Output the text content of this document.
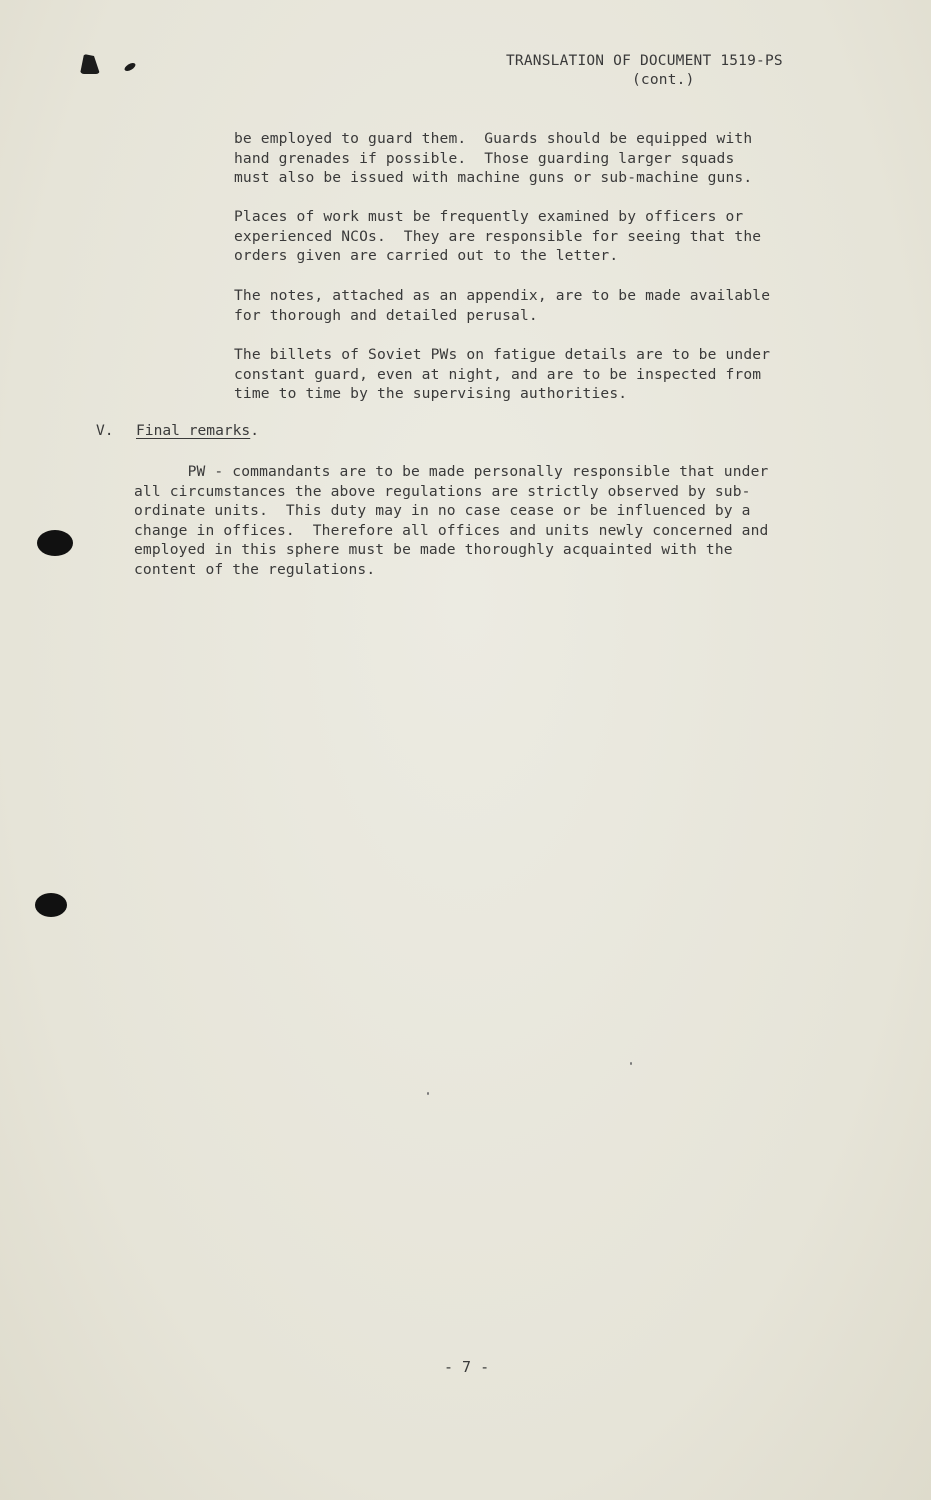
TRANSLATION OF DOCUMENT 1519-PS
(cont.)
be employed to guard them.  Guards should be equipped with
hand grenades if possible.  Those guarding larger squads
must also be issued with machine guns or sub-machine guns.
Places of work must be frequently examined by officers or
experienced NCOs.  They are responsible for seeing that the
orders given are carried out to the letter.
The notes, attached as an appendix, are to be made available
for thorough and detailed perusal.
The billets of Soviet PWs on fatigue details are to be under
constant guard, even at night, and are to be inspected from
time to time by the supervising authorities.
V. Final remarks.
PW - commandants are to be made personally responsible that under
all circumstances the above regulations are strictly observed by sub-
ordinate units.  This duty may in no case cease or be influenced by a
change in offices.  Therefore all offices and units newly concerned and
employed in this sphere must be made thoroughly acquainted with the
content of the regulations.
- 7 -
